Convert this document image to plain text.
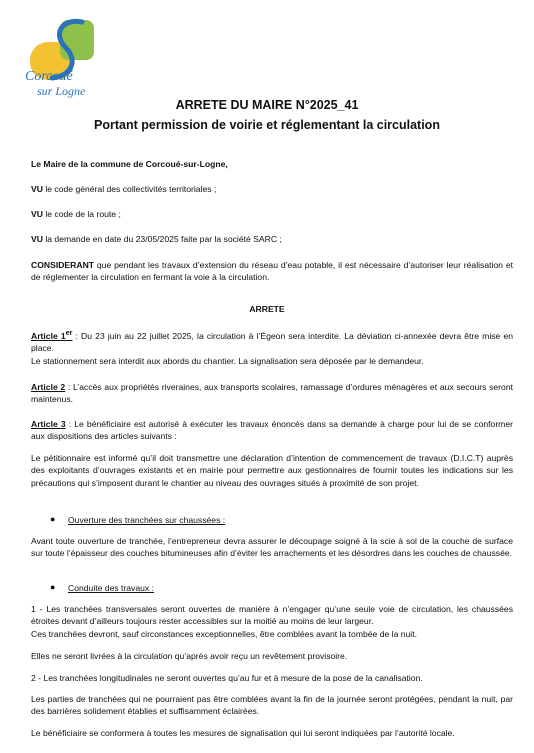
Corcoué
sur Logne
ARRETE DU MAIRE N°2025_41
Portant permission de voirie et réglementant la circulation

Le Maire de la commune de Corcoué-sur-Logne,

VU le code général des collectivités territoriales ;

VU le code de la route ;

VU la demande en date du 23/05/2025 faite par la société SARC ;

CONSIDERANT que pendant les travaux d’extension du réseau d’eau potable, il est nécessaire d’autoriser leur réalisation et de réglementer la circulation en fermant la voie à la circulation.

ARRETE

Article 1er : Du 23 juin au 22 juillet 2025, la circulation à l’Égeon sera interdite. La déviation ci-annexée devra être mise en place.
Le stationnement sera interdit aux abords du chantier. La signalisation sera déposée par le demandeur.

Article 2 : L’accès aux propriétés riveraines, aux transports scolaires, ramassage d’ordures ménagères et aux secours seront maintenus.

Article 3 : Le bénéficiaire est autorisé à exécuter les travaux énoncés dans sa demande à charge pour lui de se conformer aux dispositions des articles suivants :

Le pétitionnaire est informé qu’il doit transmettre une déclaration d’intention de commencement de travaux (D.I.C.T) auprès des exploitants d’ouvrages existants et en mairie pour permettre aux gestionnaires de fournir toutes les indications sur les précautions qui s’imposent durant le chantier au niveau des ouvrages situés à proximité de son projet.

● Ouverture des tranchées sur chaussées :

Avant toute ouverture de tranchée, l’entrepreneur devra assurer le découpage soigné à la scie à sol de la couche de surface sur toute l’épaisseur des couches bitumineuses afin d’éviter les arrachements et les désordres dans les couches de chaussée.

● Conduite des travaux :

1 - Les tranchées transversales seront ouvertes de manière à n’engager qu’une seule voie de circulation, les chaussées étroites devant d’ailleurs toujours rester accessibles sur la moitié au moins de leur largeur.
Ces tranchées devront, sauf circonstances exceptionnelles, être comblées avant la tombée de la nuit.

Elles ne seront livrées à la circulation qu’après avoir reçu un revêtement provisoire.

2 - Les tranchées longitudinales ne seront ouvertes qu’au fur et à mesure de la pose de la canalisation.

Les parties de tranchées qui ne pourraient pas être comblées avant la fin de la journée seront protégées, pendant la nuit, par des barrières solidement établies et suffisamment éclairées.

Le bénéficiaire se conformera à toutes les mesures de signalisation qui lui seront indiquées par l’autorité locale.
